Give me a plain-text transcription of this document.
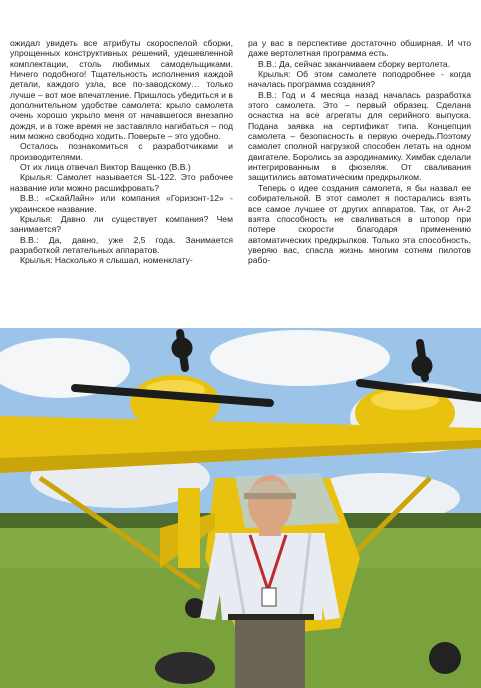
ожидал увидеть все атрибуты скороспелой сборки, упрощенных конструктивных решений, удешевленной комплектации, столь любимых самодельщиками. Ничего подобного! Тщательность исполнения каждой детали, каждого узла, все по-заводскому… только лучше – вот мое впечатление. Пришлось убедиться и в дополнительном удобстве самолета: крыло самолета очень хорошо укрыло меня от начавшегося внезапно дождя, и в тоже время не заставляло нагибаться – под ним можно свободно ходить. Поверьте – это удобно.

Осталось познакомиться с разработчиками и производителями.

От их лица отвечал Виктор Ващенко (В.В.)

Крылья: Самолет называется SL-122. Это рабочее название или можно расшифровать?

В.В.: «СкайЛайн» или компания «Горизонт-12» - украинское название.

Крылья: Давно ли существует компания? Чем занимается?

В.В.: Да, давно, уже 2,5 года. Занимается разработкой летательных аппаратов.

Крылья: Насколько я слышал, номенклату-

ра у вас в перспективе достаточно обширная. И что даже вертолетная программа есть.

В.В.: Да, сейчас заканчиваем сборку вертолета.

Крылья: Об этом самолете поподробнее - когда началась программа создания?

В.В.: Год и 4 месяца назад началась разработка этого самолета. Это – первый образец. Сделана оснастка на все агрегаты для серийного выпуска. Подана заявка на сертификат типа. Концепция самолета – безопасность в первую очередь.Поэтому самолет сполной нагрузкой способен летать на одном двигателе. Боролись за аэродинамику. Химбак сделали интегрированным в фюзеляж. От сваливания защитились автоматическим предкрылком.

Теперь о идее создания самолета, я бы назвал ее собирательной. В этот самолет я постарались взять все самое лучшее от других аппаратов. Так, от Ан-2 взята способность не сваливаться в штопор при потере скорости благодаря применению автоматических предкрылков. Только эта способность, уверяю вас, спасла жизнь многим сотням пилотов рабо-
